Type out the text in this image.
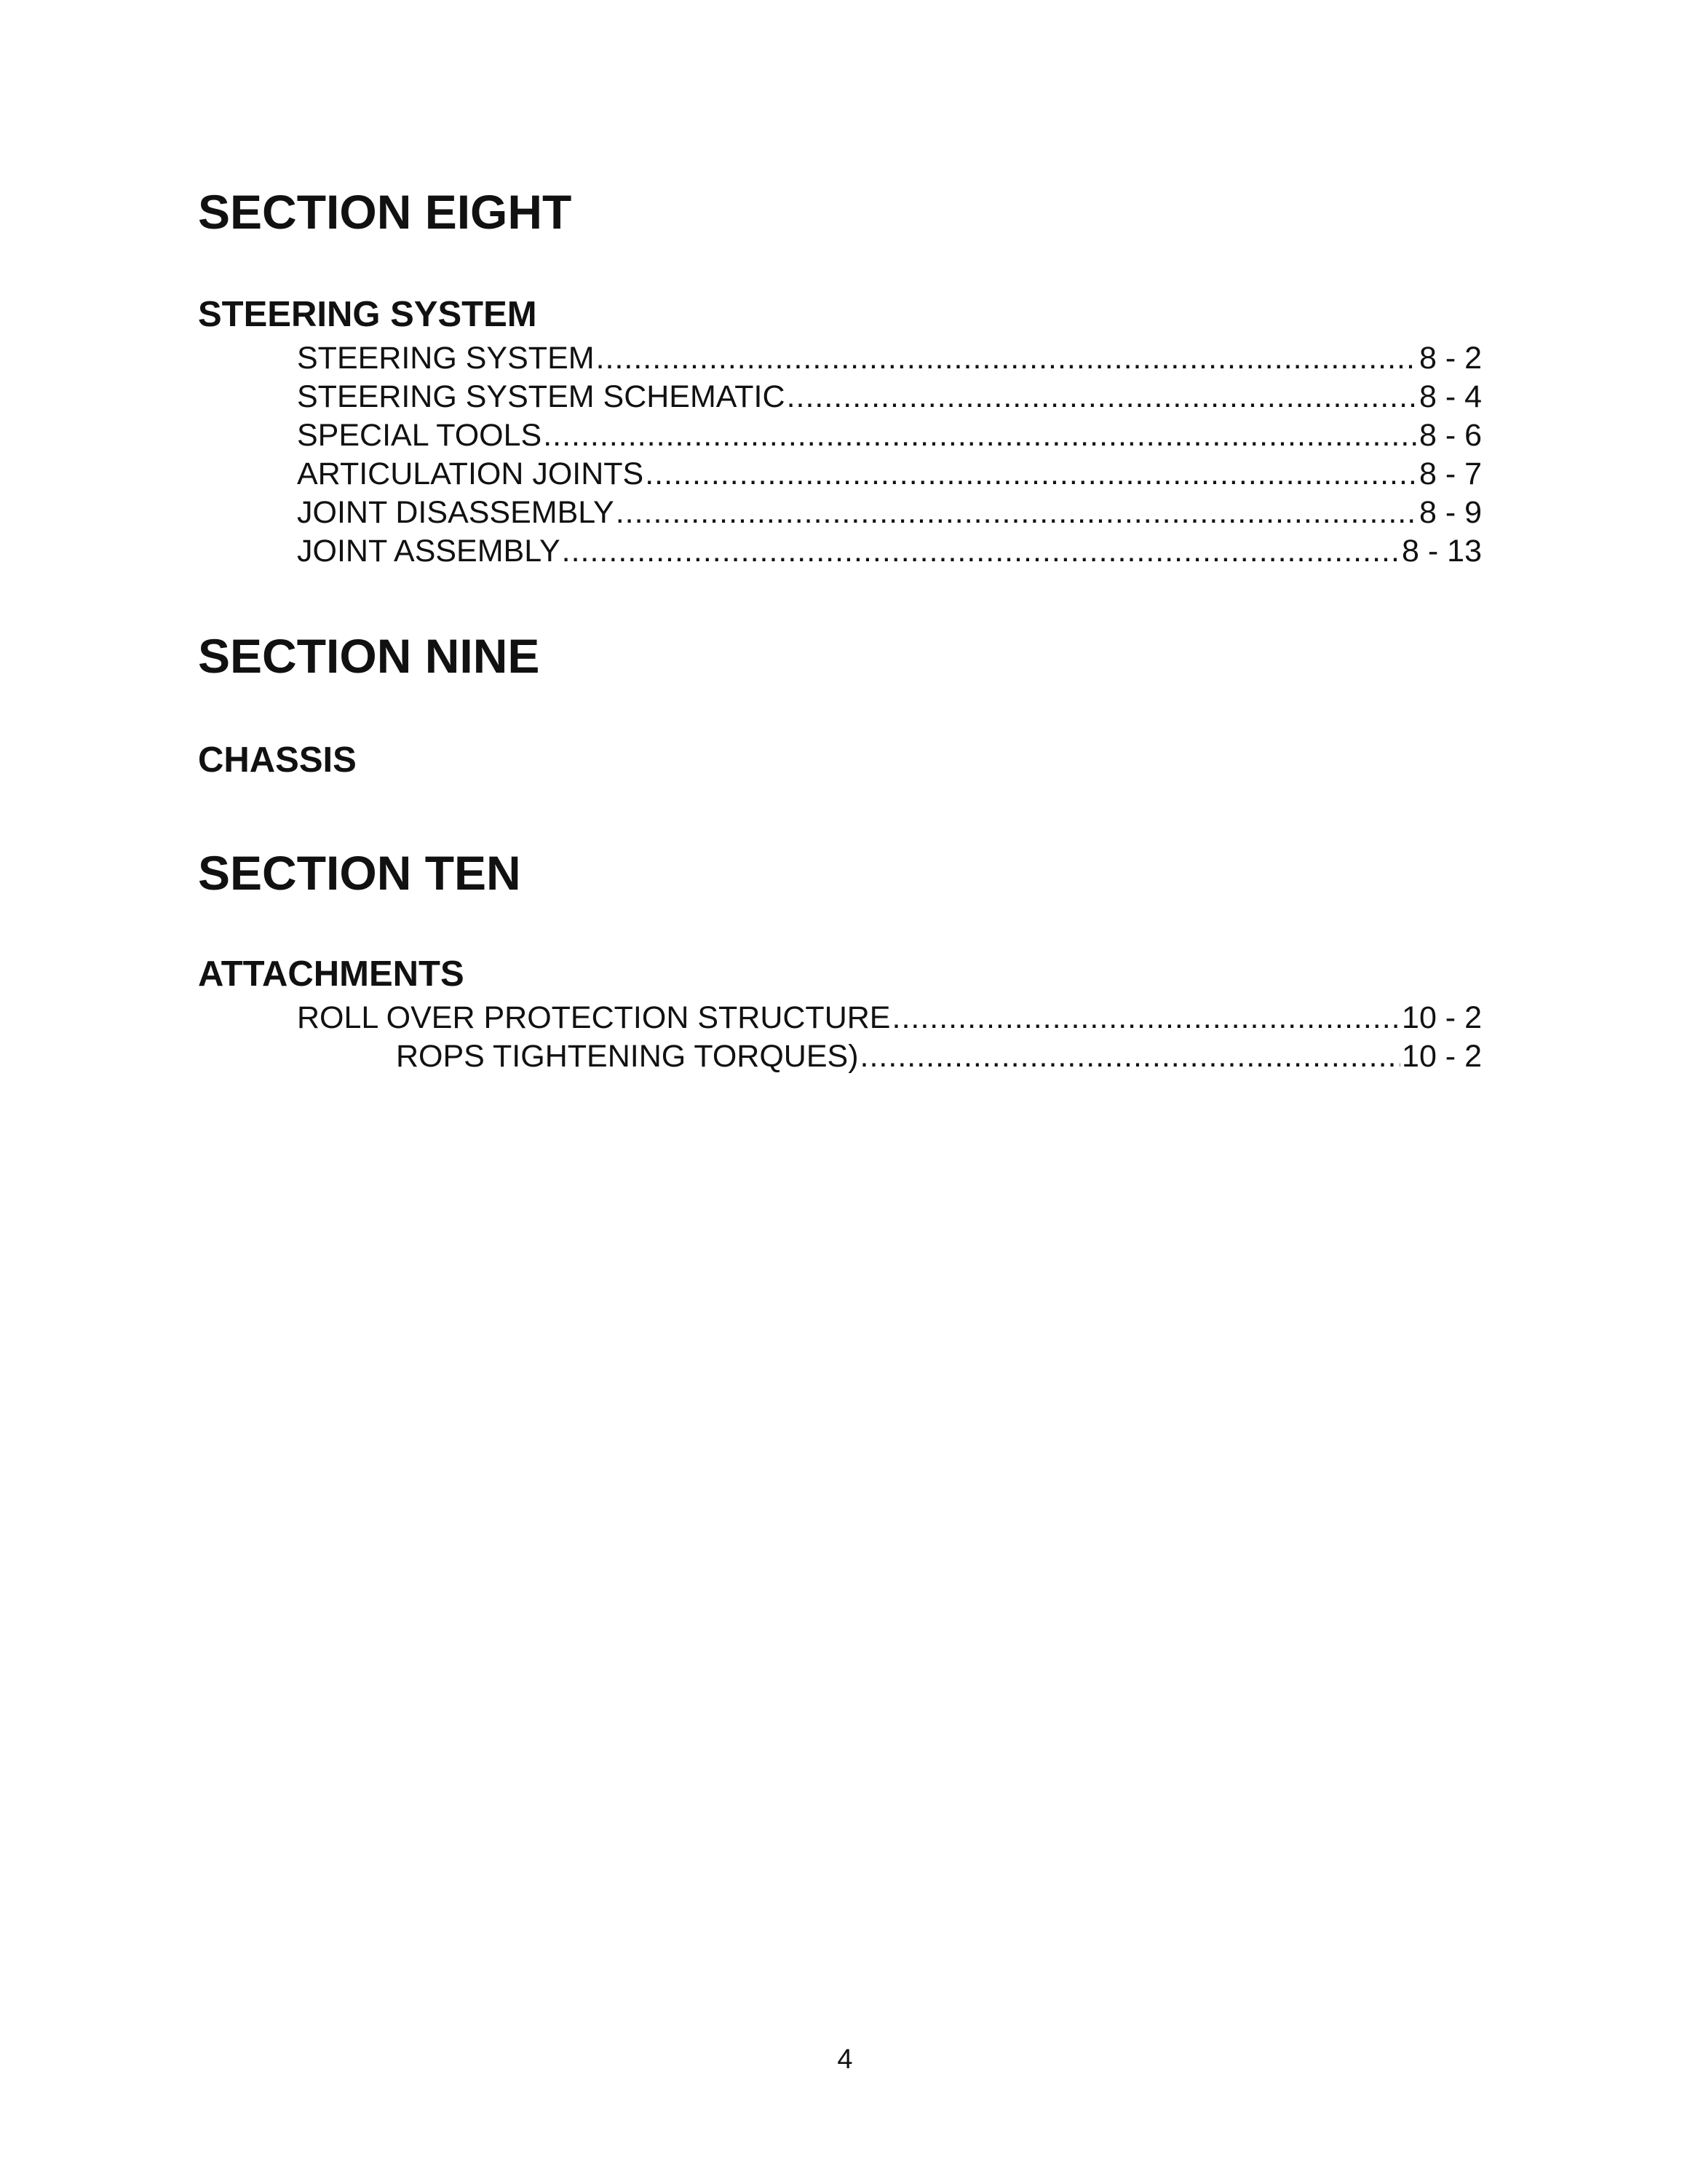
SECTION EIGHT
STEERING SYSTEM
STEERING SYSTEM .....	8 - 2
STEERING SYSTEM SCHEMATIC .....	8 - 4
SPECIAL TOOLS .....	8 - 6
ARTICULATION JOINTS .....	8 - 7
JOINT DISASSEMBLY .....	8 - 9
JOINT ASSEMBLY .....	8 - 13
SECTION NINE
CHASSIS
SECTION TEN
ATTACHMENTS
ROLL OVER PROTECTION STRUCTURE .....	10 - 2
ROPS TIGHTENING TORQUES) .....	10 - 2
4
